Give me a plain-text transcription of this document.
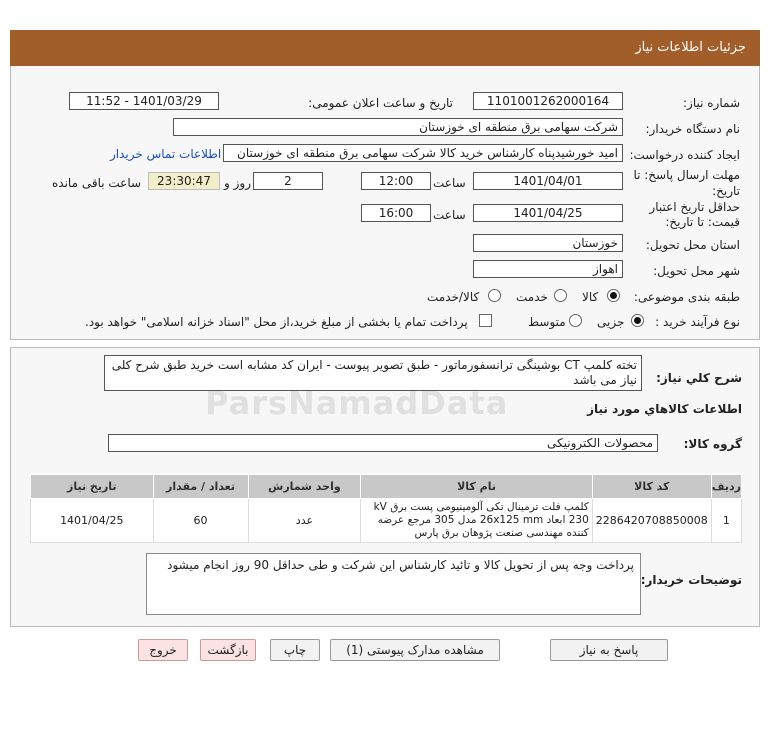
جزئیات اطلاعات نیاز
شماره نیاز:
1101001262000164
تاریخ و ساعت اعلان عمومی:
1401/03/29 - 11:52
نام دستگاه خریدار:
شرکت سهامی برق منطقه ای خوزستان
ایجاد کننده درخواست:
امید خورشیدپناه کارشناس خرید کالا شرکت سهامی برق منطقه ای خوزستان
اطلاعات تماس خریدار
مهلت ارسال پاسخ: تا
تاریخ:
1401/04/01
ساعت
12:00
2
روز و
23:30:47
ساعت باقی مانده
حداقل تاریخ اعتبار
قیمت: تا تاریخ:
1401/04/25
ساعت
16:00
استان محل تحویل:
خوزستان
شهر محل تحویل:
اهواز
طبقه بندی موضوعی:
کالا
خدمت
کالا/خدمت
نوع فرآیند خرید :
جزیی
متوسط
پرداخت تمام یا بخشی از مبلغ خرید،از محل "اسناد خزانه اسلامی" خواهد بود.
شرح كلي نياز:
تخته کلمپ CT بوشینگی ترانسفورماتور - طبق تصویر پیوست - ایران کد مشابه است خرید طبق شرح کلی نیاز می باشد
اطلاعات كالاهاي مورد نياز
گروه کالا:
محصولات الکترونیکی
ردیف	کد کالا	نام کالا	واحد شمارش	تعداد / مقدار	تاریخ نیاز
1	2286420708850008	کلمپ فلت ترمینال تکی آلومینیومی پست برق kV 230 ابعاد 26x125 mm مدل 305 مرجع عرضه کننده مهندسی صنعت پژوهان برق پارس	عدد	60	1401/04/25
توضیحات خریدار:
پرداخت وجه پس از تحویل کالا و تائید کارشناس این شرکت و طی حداقل 90 روز انجام میشود
پاسخ به نیاز
مشاهده مدارک پیوستی (1)
چاپ
بازگشت
خروج
